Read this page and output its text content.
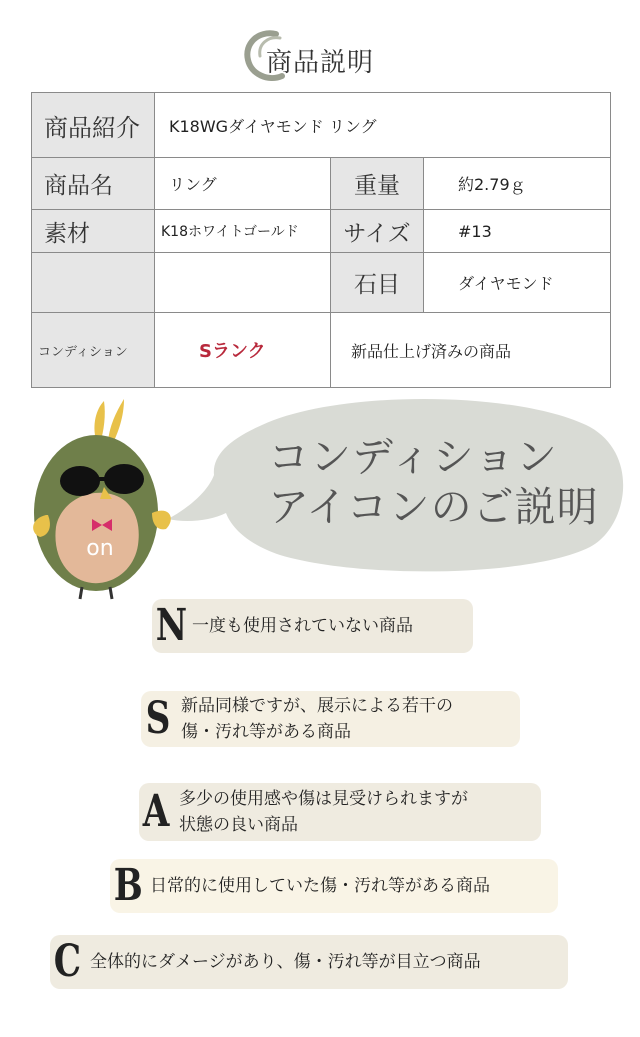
商品説明
商品紹介	K18WGダイヤモンド リング		
商品名	リング	重量	約2.79ｇ
素材	K18ホワイトゴールド	サイズ	#13
		石目	ダイヤモンド
コンディション	Sランク	新品仕上げ済みの商品	
on
コンディション
アイコンのご説明
N 一度も使用されていない商品
S 新品同様ですが、展示による若干の
傷・汚れ等がある商品
A 多少の使用感や傷は見受けられますが
状態の良い商品
B 日常的に使用していた傷・汚れ等がある商品
C 全体的にダメージがあり、傷・汚れ等が目立つ商品
